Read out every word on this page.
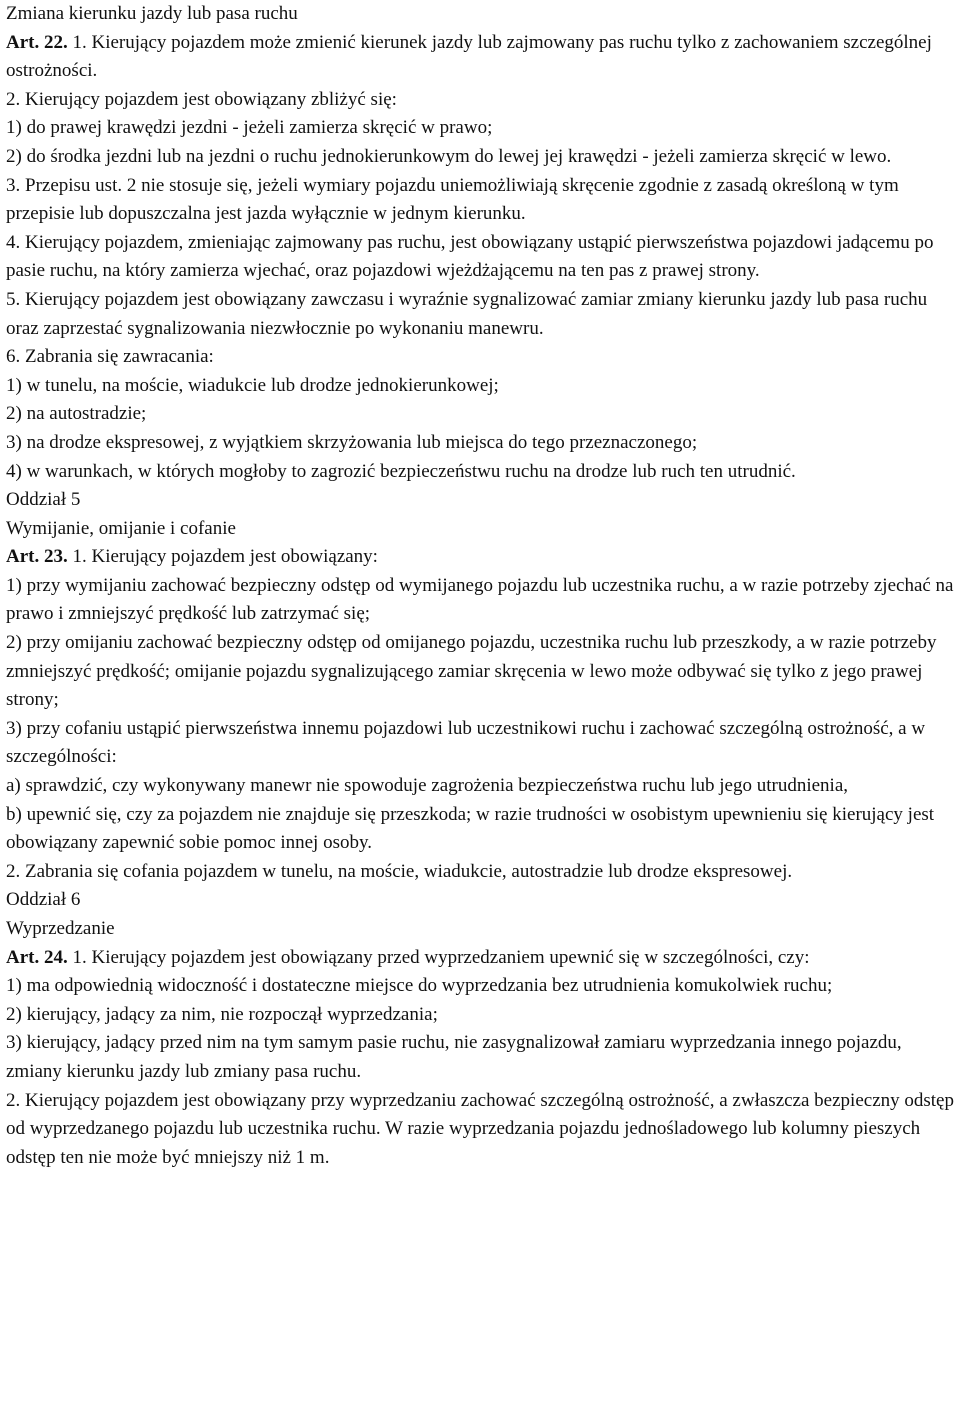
Zmiana kierunku jazdy lub pasa ruchu

Art. 22. 1. Kierujący pojazdem może zmienić kierunek jazdy lub zajmowany pas ruchu tylko z zachowaniem szczególnej ostrożności.

2. Kierujący pojazdem jest obowiązany zbliżyć się:

1) do prawej krawędzi jezdni - jeżeli zamierza skręcić w prawo;

2) do środka jezdni lub na jezdni o ruchu jednokierunkowym do lewej jej krawędzi - jeżeli zamierza skręcić w lewo.

3. Przepisu ust. 2 nie stosuje się, jeżeli wymiary pojazdu uniemożliwiają skręcenie zgodnie z zasadą określoną w tym przepisie lub dopuszczalna jest jazda wyłącznie w jednym kierunku.

4. Kierujący pojazdem, zmieniając zajmowany pas ruchu, jest obowiązany ustąpić pierwszeństwa pojazdowi jadącemu po pasie ruchu, na który zamierza wjechać, oraz pojazdowi wjeżdżającemu na ten pas z prawej strony.

5. Kierujący pojazdem jest obowiązany zawczasu i wyraźnie sygnalizować zamiar zmiany kierunku jazdy lub pasa ruchu oraz zaprzestać sygnalizowania niezwłocznie po wykonaniu manewru.

6. Zabrania się zawracania:

1) w tunelu, na moście, wiadukcie lub drodze jednokierunkowej;

2) na autostradzie;

3) na drodze ekspresowej, z wyjątkiem skrzyżowania lub miejsca do tego przeznaczonego;

4) w warunkach, w których mogłoby to zagrozić bezpieczeństwu ruchu na drodze lub ruch ten utrudnić.

Oddział 5

Wymijanie, omijanie i cofanie

Art. 23. 1. Kierujący pojazdem jest obowiązany:

1) przy wymijaniu zachować bezpieczny odstęp od wymijanego pojazdu lub uczestnika ruchu, a w razie potrzeby zjechać na prawo i zmniejszyć prędkość lub zatrzymać się;

2) przy omijaniu zachować bezpieczny odstęp od omijanego pojazdu, uczestnika ruchu lub przeszkody, a w razie potrzeby zmniejszyć prędkość; omijanie pojazdu sygnalizującego zamiar skręcenia w lewo może odbywać się tylko z jego prawej strony;

3) przy cofaniu ustąpić pierwszeństwa innemu pojazdowi lub uczestnikowi ruchu i zachować szczególną ostrożność, a w szczególności:

a) sprawdzić, czy wykonywany manewr nie spowoduje zagrożenia bezpieczeństwa ruchu lub jego utrudnienia,

b) upewnić się, czy za pojazdem nie znajduje się przeszkoda; w razie trudności w osobistym upewnieniu się kierujący jest obowiązany zapewnić sobie pomoc innej osoby.

2. Zabrania się cofania pojazdem w tunelu, na moście, wiadukcie, autostradzie lub drodze ekspresowej.

Oddział 6

Wyprzedzanie

Art. 24. 1. Kierujący pojazdem jest obowiązany przed wyprzedzaniem upewnić się w szczególności, czy:

1) ma odpowiednią widoczność i dostateczne miejsce do wyprzedzania bez utrudnienia komukolwiek ruchu;

2) kierujący, jadący za nim, nie rozpoczął wyprzedzania;

3) kierujący, jadący przed nim na tym samym pasie ruchu, nie zasygnalizował zamiaru wyprzedzania innego pojazdu, zmiany kierunku jazdy lub zmiany pasa ruchu.

2. Kierujący pojazdem jest obowiązany przy wyprzedzaniu zachować szczególną ostrożność, a zwłaszcza bezpieczny odstęp od wyprzedzanego pojazdu lub uczestnika ruchu. W razie wyprzedzania pojazdu jednośladowego lub kolumny pieszych odstęp ten nie może być mniejszy niż 1 m.
